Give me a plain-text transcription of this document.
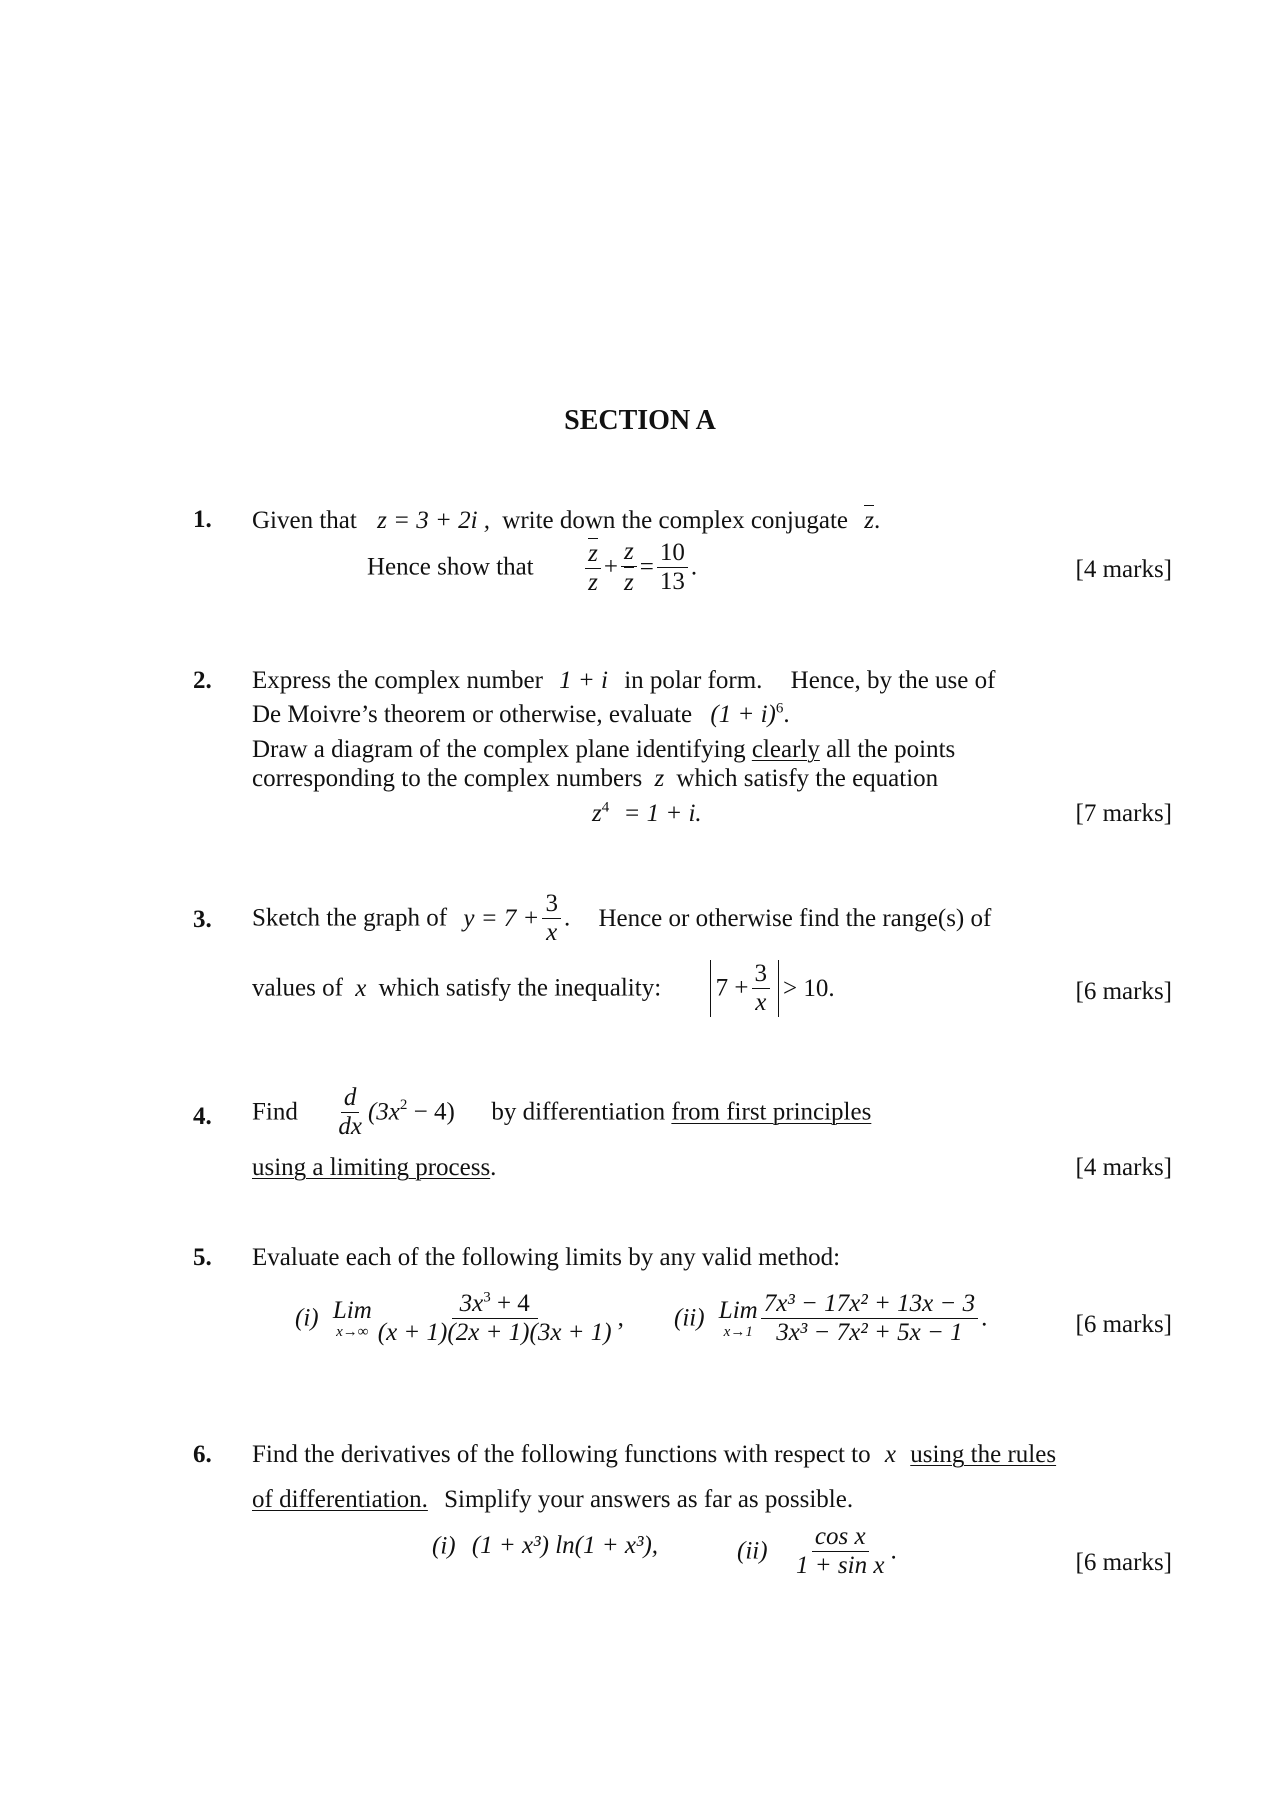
SECTION A
1. Given that z = 3 + 2i , write down the complex conjugate z.
Hence show that $\frac{z}{z} + \frac{z}{z} = \frac{10}{13}$ .	[4 marks]
2. Express the complex number 1 + i in polar form. Hence, by the use of
De Moivre’s theorem or otherwise, evaluate $(1 + i)^6$.
Draw a diagram of the complex plane identifying clearly all the points
corresponding to the complex numbers z which satisfy the equation
$z^4 = 1 + i$.	[7 marks]
3. Sketch the graph of $y = 7 + \frac{3}{x}$ . Hence or otherwise find the range(s) of
values of x which satisfy the inequality: $7 + \frac{3}{x} > 10$.	[6 marks]
4. Find $\frac{d}{dx} (3x^2 - 4)$ by differentiation from first principles
using a limiting process.	[4 marks]
5. Evaluate each of the following limits by any valid method:
(i) Lim
$x\to\infty \frac{3x^3 + 4}{(x + 1)(2x + 1)(3x + 1)}$ , (ii) Lim
$x\to 1 \frac{\text{7x³ − 17x² + 13x − 3}}{\text{3x³ − 7x² + 5x − 1}}$ .	[6 marks]
6. Find the derivatives of the following functions with respect to x using the rules
of differentiation. Simplify your answers as far as possible.
(i) (1 + x³) ln(1 + x³),	$(ii) \frac{\text{cos x}}{\text{1 + sin x}}$ .	[6 marks]
